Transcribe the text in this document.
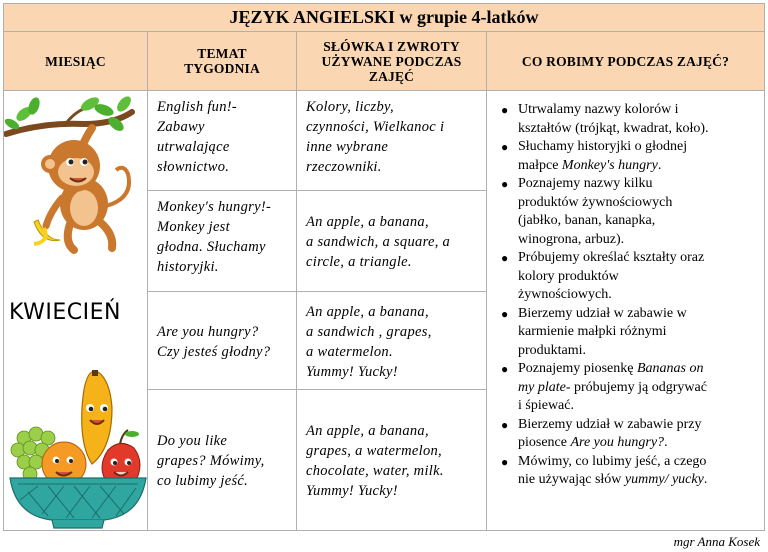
JĘZYK ANGIELSKI w grupie 4-latków
MIESIĄC	TEMAT
TYGODNIA
SŁÓWKA I ZWROTY
UŻYWANE PODCZAS
ZAJĘĆ
CO ROBIMY PODCZAS ZAJĘĆ?
KWIECIEŃ
English fun!-
Zabawy
utrwalające
słownictwo.
Kolory, liczby,
czynności, Wielkanoc i
inne wybrane
rzeczowniki.
Monkey's hungry!-
Monkey jest
głodna. Słuchamy
historyjki.
An apple, a banana,
a sandwich, a square, a
circle, a triangle.
Are you hungry?
Czy jesteś głodny?
An apple, a banana,
a sandwich , grapes,
a watermelon.
Yummy! Yucky!
Do you like
grapes? Mówimy,
co lubimy jeść.
An apple, a banana,
grapes, a watermelon,
chocolate, water, milk.
Yummy! Yucky!
● Utrwalamy nazwy kolorów i
kształtów (trójkąt, kwadrat, koło).
● Słuchamy historyjki o głodnej
małpce Monkey's hungry.
● Poznajemy nazwy kilku
produktów żywnościowych
(jabłko, banan, kanapka,
winogrona, arbuz).
● Próbujemy określać kształty oraz
kolory produktów
żywnościowych.
● Bierzemy udział w zabawie w
karmienie małpki różnymi
produktami.
● Poznajemy piosenkę Bananas on
my plate- próbujemy ją odgrywać
i śpiewać.
● Bierzemy udział w zabawie przy
piosence Are you hungry?.
● Mówimy, co lubimy jeść, a czego
nie używając słów yummy/ yucky.
mgr Anna Kosek
